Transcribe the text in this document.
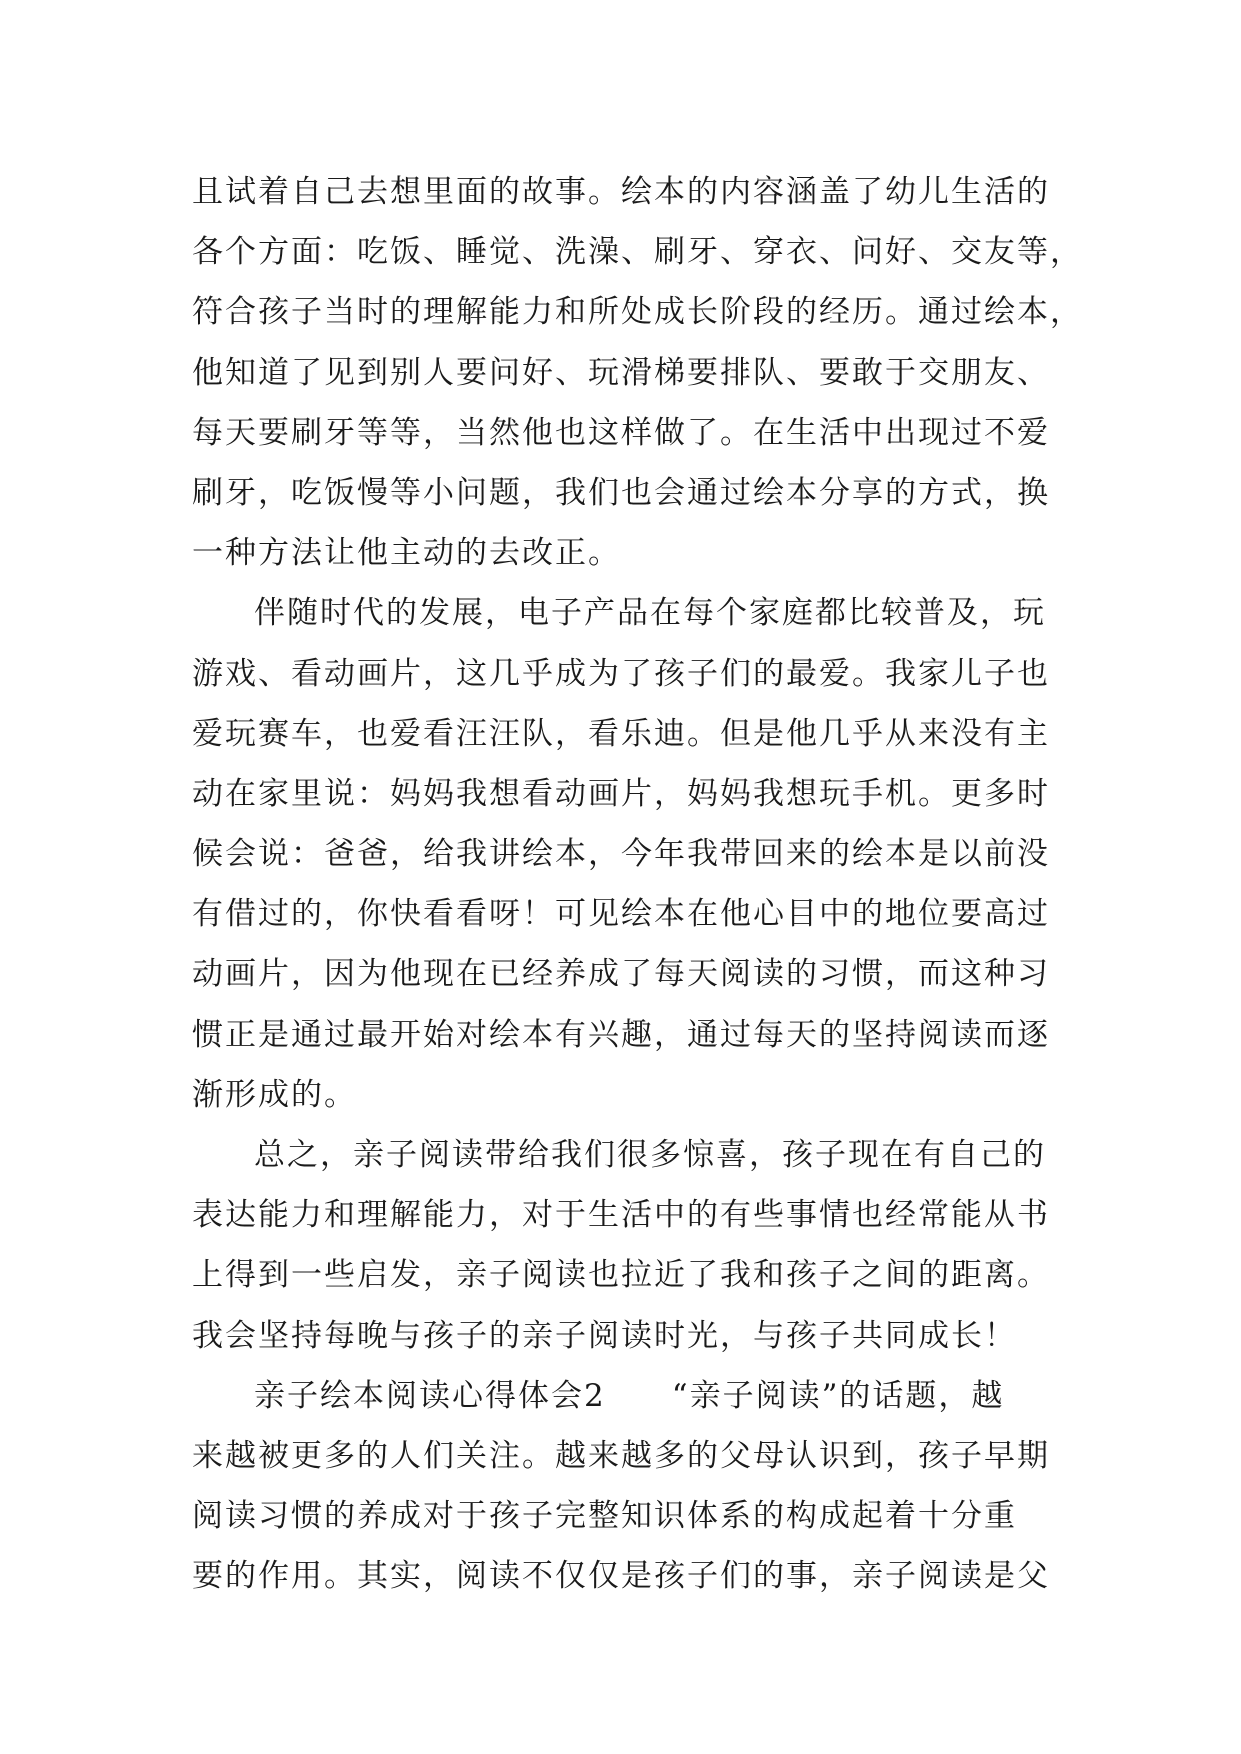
且试着自己去想里面的故事。绘本的内容涵盖了幼儿生活的
各个方面：吃饭、睡觉、洗澡、刷牙、穿衣、问好、交友等，
符合孩子当时的理解能力和所处成长阶段的经历。通过绘本，
他知道了见到别人要问好、玩滑梯要排队、要敢于交朋友、
每天要刷牙等等，当然他也这样做了。在生活中出现过不爱
刷牙，吃饭慢等小问题，我们也会通过绘本分享的方式，换
一种方法让他主动的去改正。
伴随时代的发展，电子产品在每个家庭都比较普及，玩
游戏、看动画片，这几乎成为了孩子们的最爱。我家儿子也
爱玩赛车，也爱看汪汪队，看乐迪。但是他几乎从来没有主
动在家里说：妈妈我想看动画片，妈妈我想玩手机。更多时
候会说：爸爸，给我讲绘本，今年我带回来的绘本是以前没
有借过的，你快看看呀！可见绘本在他心目中的地位要高过
动画片，因为他现在已经养成了每天阅读的习惯，而这种习
惯正是通过最开始对绘本有兴趣，通过每天的坚持阅读而逐
渐形成的。
总之，亲子阅读带给我们很多惊喜，孩子现在有自己的
表达能力和理解能力，对于生活中的有些事情也经常能从书
上得到一些启发，亲子阅读也拉近了我和孩子之间的距离。
我会坚持每晚与孩子的亲子阅读时光，与孩子共同成长！
亲子绘本阅读心得体会2　　“亲子阅读”的话题，越
来越被更多的人们关注。越来越多的父母认识到，孩子早期
阅读习惯的养成对于孩子完整知识体系的构成起着十分重
要的作用。其实，阅读不仅仅是孩子们的事，亲子阅读是父
